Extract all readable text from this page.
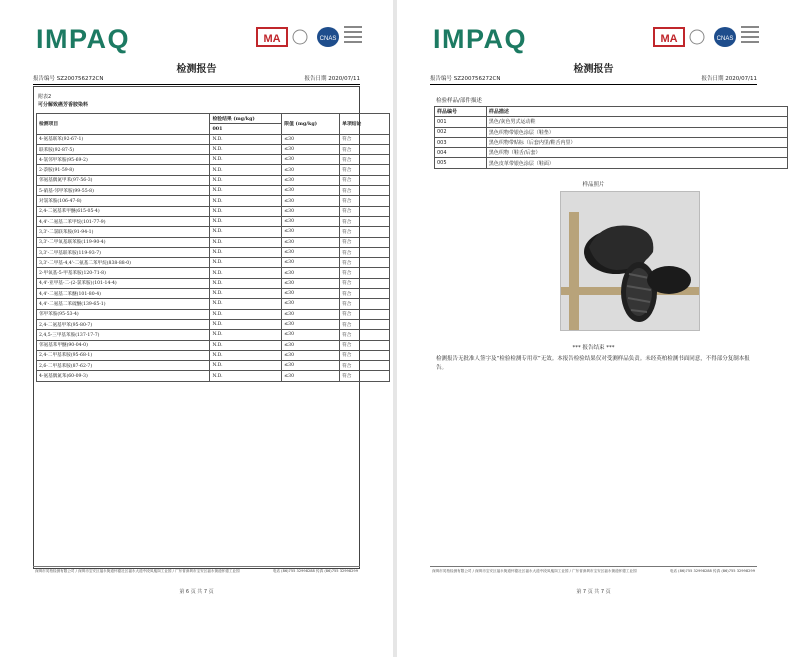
IMPAQ	MA	CNAS
检测报告
报告编号 SZ200756272CN	报告日期 2020/07/11
附表2
可分解致癌芳香胺染料
检测项目	检验结果 (mg/kg)	限值 (mg/kg)	单项结论
	001		
4-氨基联苯(92-67-1)	N.D.	≤30	符合
联苯胺(92-87-5)	N.D.	≤30	符合
4-氯邻甲苯胺(95-69-2)	N.D.	≤30	符合
2-萘胺(91-59-8)	N.D.	≤30	符合
邻氨基偶氮甲苯(97-56-3)	N.D.	≤30	符合
5-硝基-邻甲苯胺(99-55-8)	N.D.	≤30	符合
对氯苯胺(106-47-8)	N.D.	≤30	符合
2,4-二氨基苯甲醚(615-05-4)	N.D.	≤30	符合
4,4'-二氨基二苯甲烷(101-77-9)	N.D.	≤30	符合
3,3'-二氯联苯胺(91-94-1)	N.D.	≤30	符合
3,3'-二甲氧基联苯胺(119-90-4)	N.D.	≤30	符合
3,3'-二甲基联苯胺(119-93-7)	N.D.	≤30	符合
3,3'-二甲基-4,4'-二氨基二苯甲烷(838-88-0)	N.D.	≤30	符合
2-甲氧基-5-甲基苯胺(120-71-8)	N.D.	≤30	符合
4,4'-亚甲基-二-(2-氯苯胺)(101-14-4)	N.D.	≤30	符合
4,4'-二氨基二苯醚(101-80-4)	N.D.	≤30	符合
4,4'-二氨基二苯硫醚(139-65-1)	N.D.	≤30	符合
邻甲苯胺(95-53-4)	N.D.	≤30	符合
2,4-二氨基甲苯(95-80-7)	N.D.	≤30	符合
2,4,5-三甲基苯胺(137-17-7)	N.D.	≤30	符合
邻氨基苯甲醚(90-04-0)	N.D.	≤30	符合
2,4-二甲基苯胺(95-68-1)	N.D.	≤30	符合
2,6-二甲基苯胺(87-62-7)	N.D.	≤30	符合
4-氨基偶氮苯(60-09-3)	N.D.	≤30	符合
深圳市英柏检测有限公司 / 深圳市宝安区福永街道怀德社区福永大道中段凤凰岗工业园 / 广东省深圳市宝安区福永街道怀德工业园	电话 (86)755 32998288 传真 (86)755 32998299
第 6 页 共 7 页
IMPAQ	MA	CNAS
检测报告
报告编号 SZ200756272CN	报告日期 2020/07/11
检验样品/部件描述
样品编号	样品描述
001	黑色/灰色男式运动鞋
002	黑色织物带银色涂层（鞋垫）
003	黑色织物带贴标（后套内里/鞋舌内里）
004	黑色织物（鞋舌/后套）
005	黑色皮革带银色涂层（鞋面）
样品照片
*** 报告结束 ***
检测报告无批准人签字及“检验检测专用章”无效。本报告检验结果仅对受测样品负责。未经英柏检测书面同意，不得部分复制本报告。
深圳市英柏检测有限公司 / 深圳市宝安区福永街道怀德社区福永大道中段凤凰岗工业园 / 广东省深圳市宝安区福永街道怀德工业园	电话 (86)755 32998288 传真 (86)755 32998299
第 7 页 共 7 页
